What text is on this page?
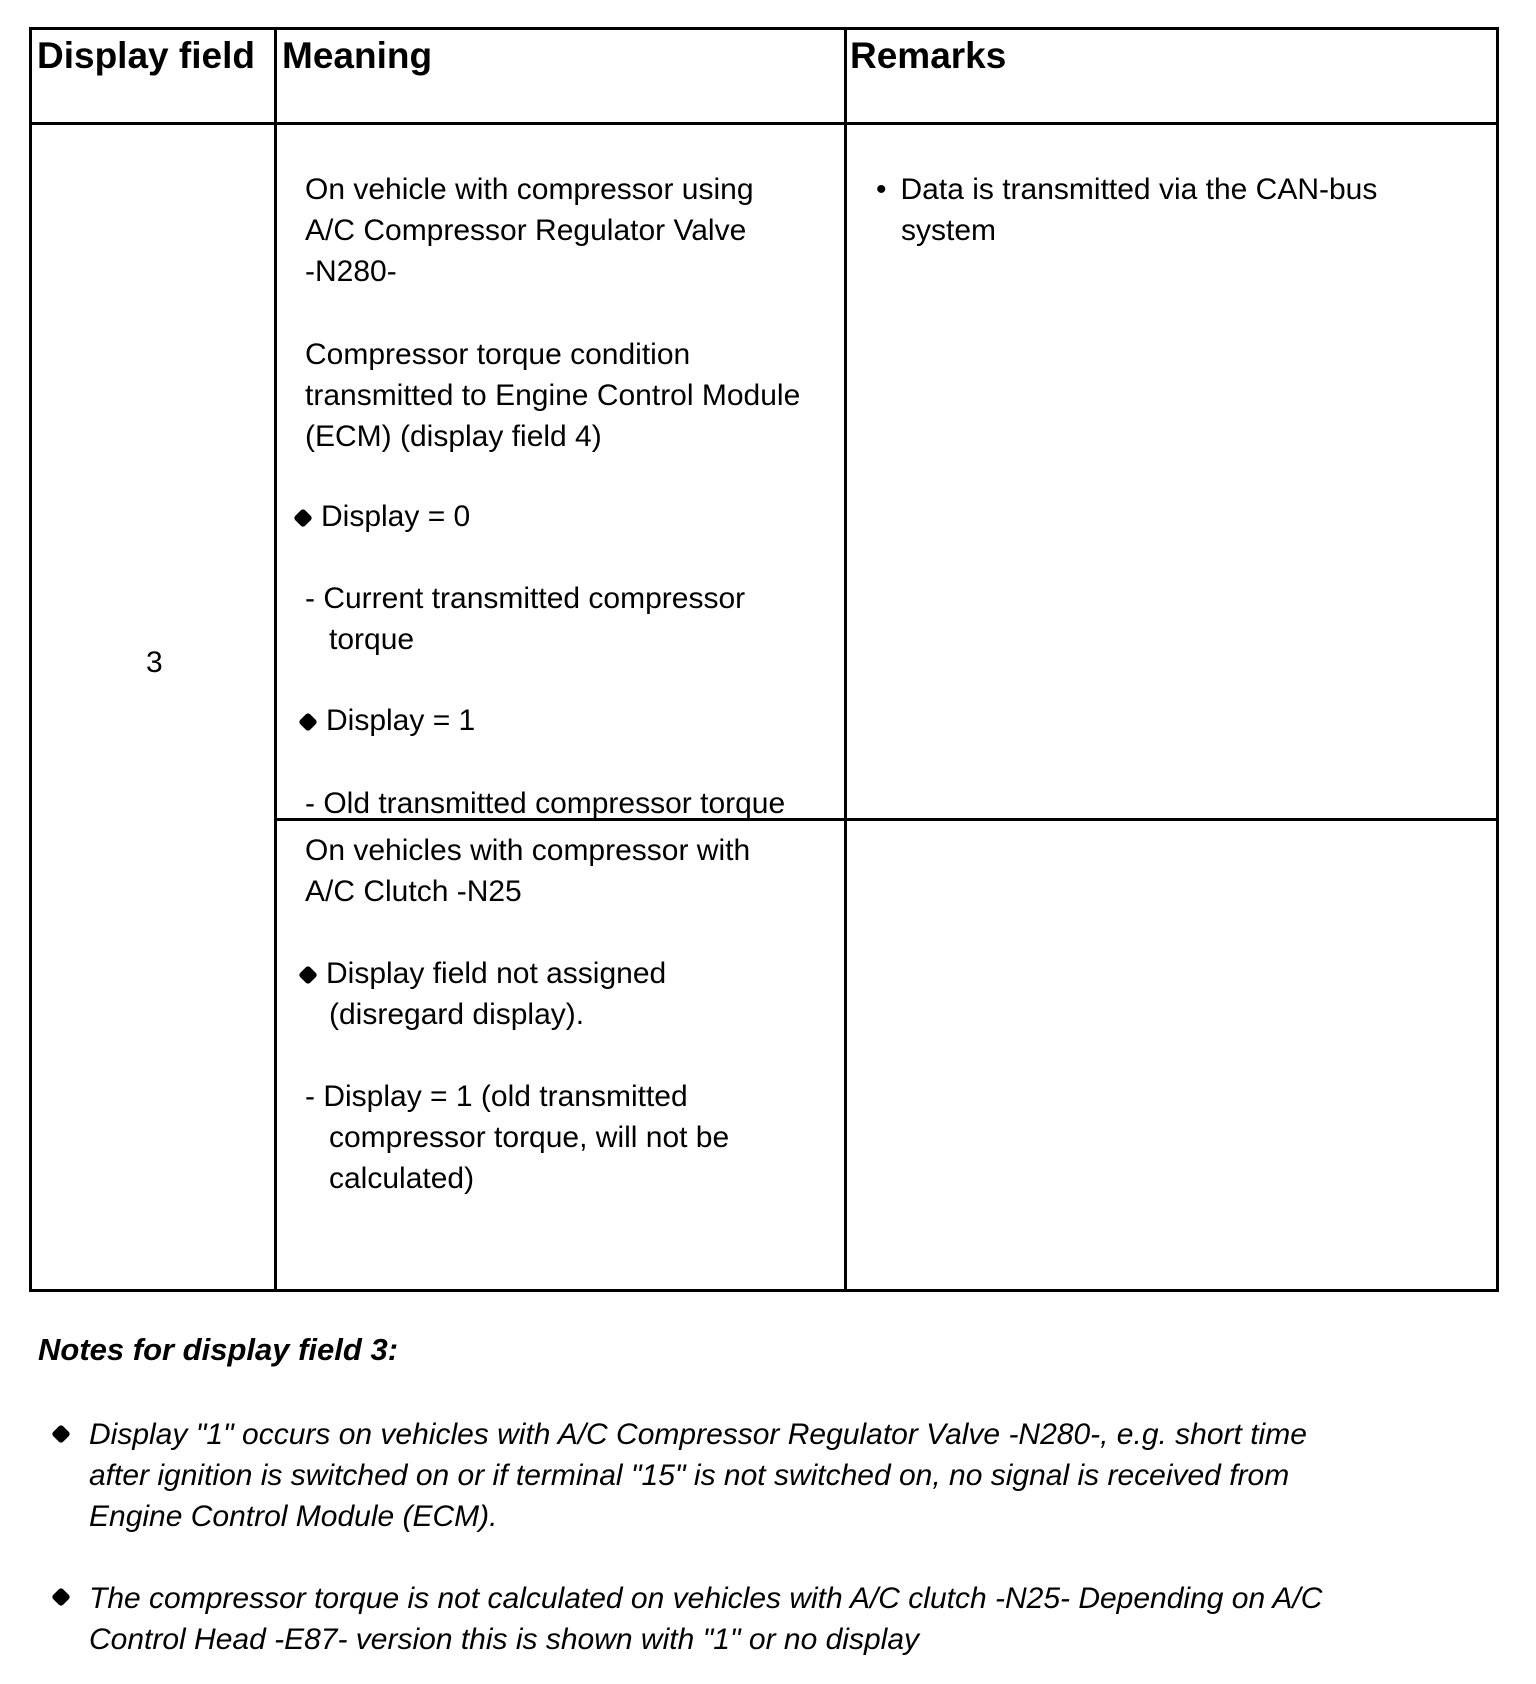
Display field Meaning	Remarks
3
On vehicle with compressor using
A/C Compressor Regulator Valve
-N280-
Compressor torque condition
transmitted to Engine Control Module
(ECM) (display field 4)
Display = 0
- Current transmitted compressor
torque
Display = 1
- Old transmitted compressor torque
• Data is transmitted via the CAN-bus
system
On vehicles with compressor with
A/C Clutch -N25
Display field not assigned
(disregard display).
- Display = 1 (old transmitted
compressor torque, will not be
calculated)
Notes for display field 3:
Display "1" occurs on vehicles with A/C Compressor Regulator Valve -N280-, e.g. short time
after ignition is switched on or if terminal "15" is not switched on, no signal is received from
Engine Control Module (ECM).
The compressor torque is not calculated on vehicles with A/C clutch -N25- Depending on A/C
Control Head -E87- version this is shown with "1" or no display
